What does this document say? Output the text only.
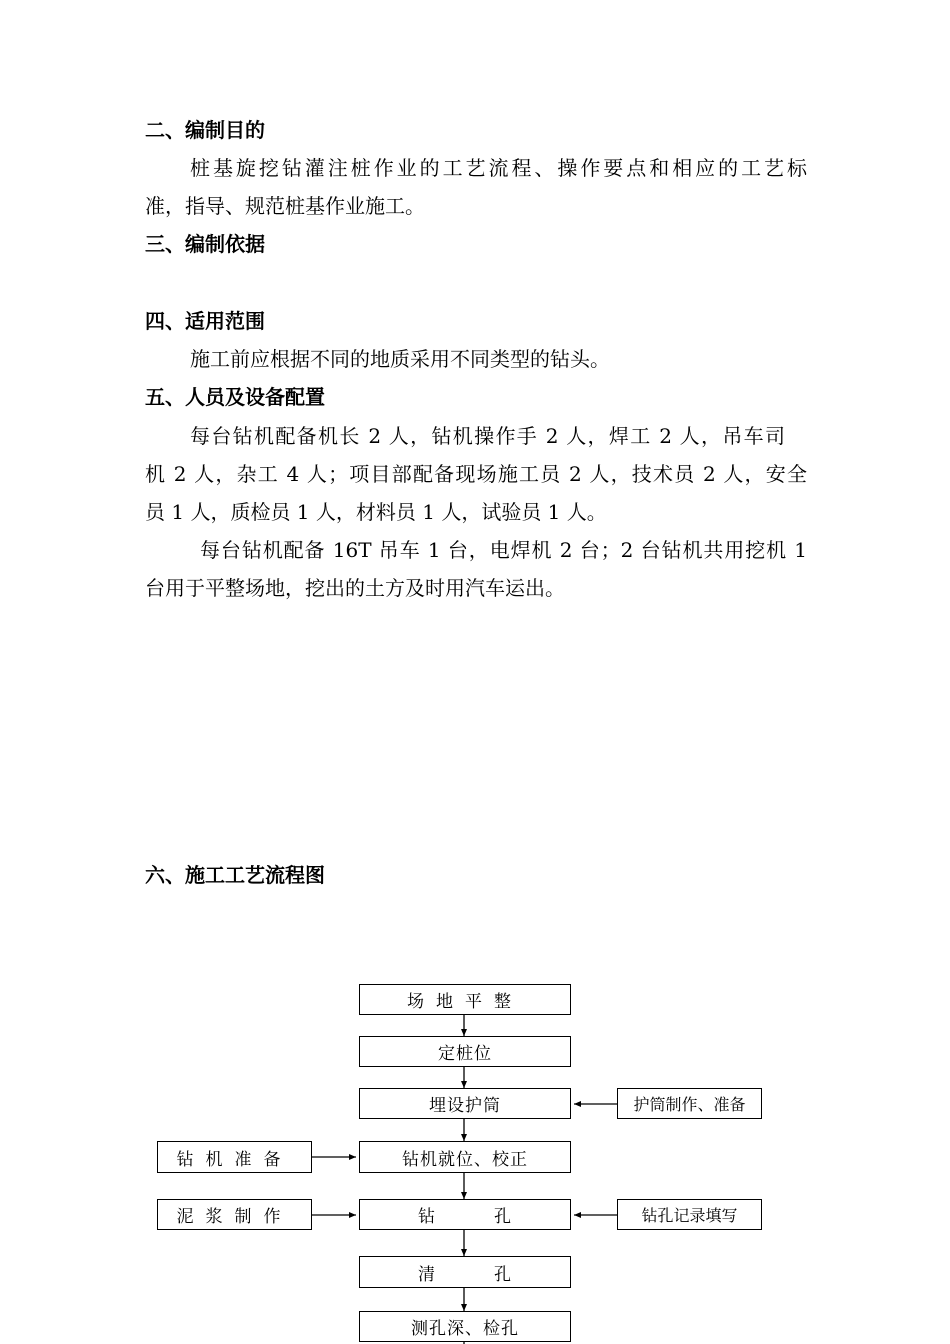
二、编制目的
桩基旋挖钻灌注桩作业的工艺流程、操作要点和相应的工艺标
准，指导、规范桩基作业施工。
三、编制依据
四、适用范围
施工前应根据不同的地质采用不同类型的钻头。
五、人员及设备配置
每台钻机配备机长 2 人，钻机操作手 2 人，焊工 2 人，吊车司
机 2 人，杂工 4 人；项目部配备现场施工员 2 人，技术员 2 人，安全
员 1 人，质检员 1 人，材料员 1 人，试验员 1 人。
每台钻机配备 16T 吊车 1 台，电焊机 2 台；2 台钻机共用挖机 1
台用于平整场地，挖出的土方及时用汽车运出。
六、施工工艺流程图
场地平整
定桩位
埋设护筒
钻机就位、校正
钻	孔
清	孔
测孔深、检孔
钻机准备
泥浆制作
护筒制作、准备
钻孔记录填写
